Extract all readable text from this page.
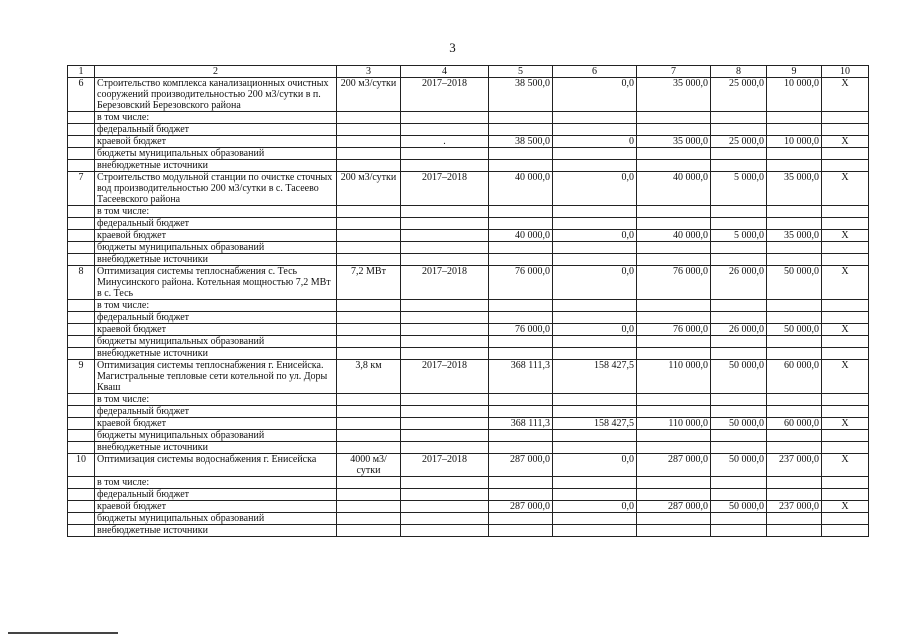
3
1	2	3	4	5	6	7	8	9	10
6	Строительство комплекса канализационных очистных сооружений производительностью 200 м3/сутки в п. Березовский Березовского района	200 м3/сутки	2017–2018	38 500,0	0,0	35 000,0	25 000,0	10 000,0	Х
	в том числе:								
	федеральный бюджет								
	краевой бюджет		.	38 500,0	0	35 000,0	25 000,0	10 000,0	Х
	бюджеты муниципальных образований								
	внебюджетные источники								
7	Строительство модульной станции по очистке сточных вод производительностью 200 м3/сутки в с. Тасеево Тасеевского района	200 м3/сутки	2017–2018	40 000,0	0,0	40 000,0	5 000,0	35 000,0	Х
	в том числе:								
	федеральный бюджет								
	краевой бюджет			40 000,0	0,0	40 000,0	5 000,0	35 000,0	Х
	бюджеты муниципальных образований								
	внебюджетные источники								
8	Оптимизация системы теплоснабжения с. Тесь Минусинского района. Котельная мощностью 7,2 МВт в с. Тесь	7,2 МВт	2017–2018	76 000,0	0,0	76 000,0	26 000,0	50 000,0	Х
	в том числе:								
	федеральный бюджет								
	краевой бюджет			76 000,0	0,0	76 000,0	26 000,0	50 000,0	Х
	бюджеты муниципальных образований								
	внебюджетные источники								
9	Оптимизация системы теплоснабжения г. Енисейска. Магистральные тепловые сети котельной по ул. Доры Кваш	3,8 км	2017–2018	368 111,3	158 427,5	110 000,0	50 000,0	60 000,0	Х
	в том числе:								
	федеральный бюджет								
	краевой бюджет			368 111,3	158 427,5	110 000,0	50 000,0	60 000,0	Х
	бюджеты муниципальных образований								
	внебюджетные источники								
10	Оптимизация системы водоснабжения г. Енисейска	4000 м3/сутки	2017–2018	287 000,0	0,0	287 000,0	50 000,0	237 000,0	Х
	в том числе:								
	федеральный бюджет								
	краевой бюджет			287 000,0	0,0	287 000,0	50 000,0	237 000,0	Х
	бюджеты муниципальных образований								
	внебюджетные источники								
